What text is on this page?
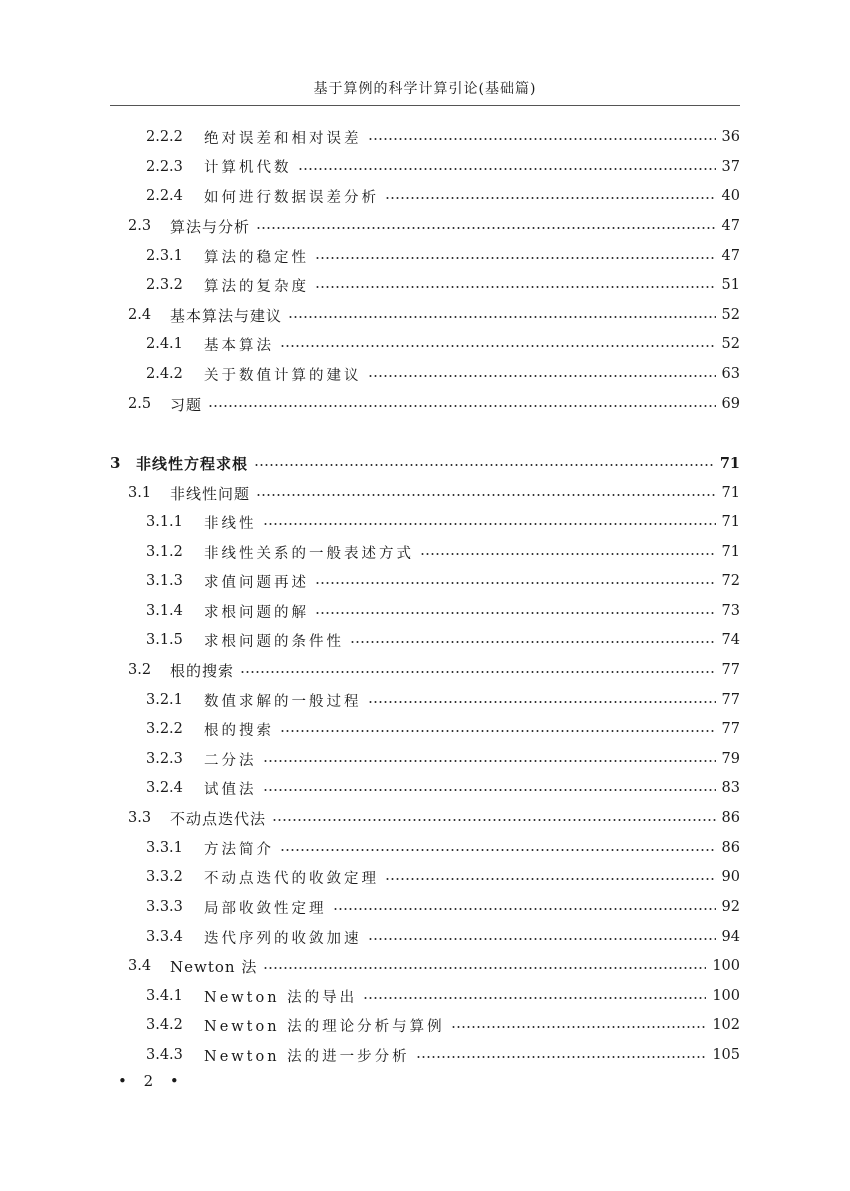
基于算例的科学计算引论(基础篇)
2.2.2	绝对误差和相对误差	36
2.2.3	计算机代数	37
2.2.4	如何进行数据误差分析	40
2.3	算法与分析	47
2.3.1	算法的稳定性	47
2.3.2	算法的复杂度	51
2.4	基本算法与建议	52
2.4.1	基本算法	52
2.4.2	关于数值计算的建议	63
2.5	习题	69
3	非线性方程求根	71
3.1	非线性问题	71
3.1.1	非线性	71
3.1.2	非线性关系的一般表述方式	71
3.1.3	求值问题再述	72
3.1.4	求根问题的解	73
3.1.5	求根问题的条件性	74
3.2	根的搜索	77
3.2.1	数值求解的一般过程	77
3.2.2	根的搜索	77
3.2.3	二分法	79
3.2.4	试值法	83
3.3	不动点迭代法	86
3.3.1	方法简介	86
3.3.2	不动点迭代的收敛定理	90
3.3.3	局部收敛性定理	92
3.3.4	迭代序列的收敛加速	94
3.4	Newton 法	100
3.4.1	Newton 法的导出	100
3.4.2	Newton 法的理论分析与算例	102
3.4.3	Newton 法的进一步分析	105
• 2 •
